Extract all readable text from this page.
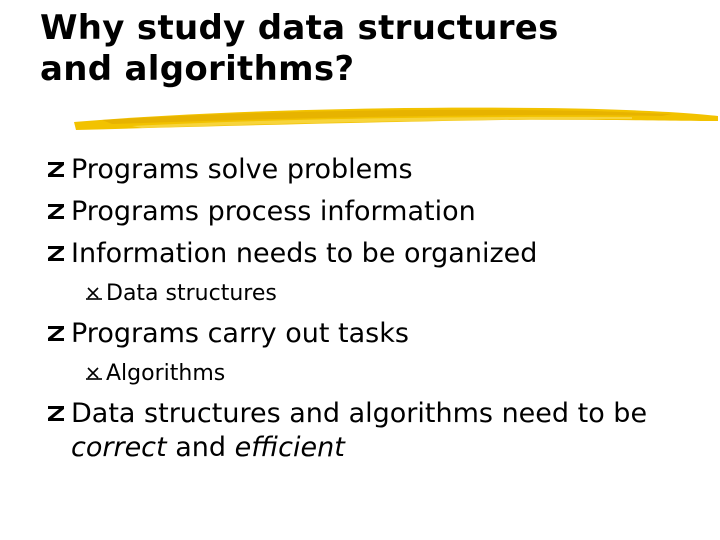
Why study data structures
and algorithms?
Programs solve problems
Programs process information
Information needs to be organized
Data structures
Programs carry out tasks
Algorithms
Data structures and algorithms need to be
correct and efficient
